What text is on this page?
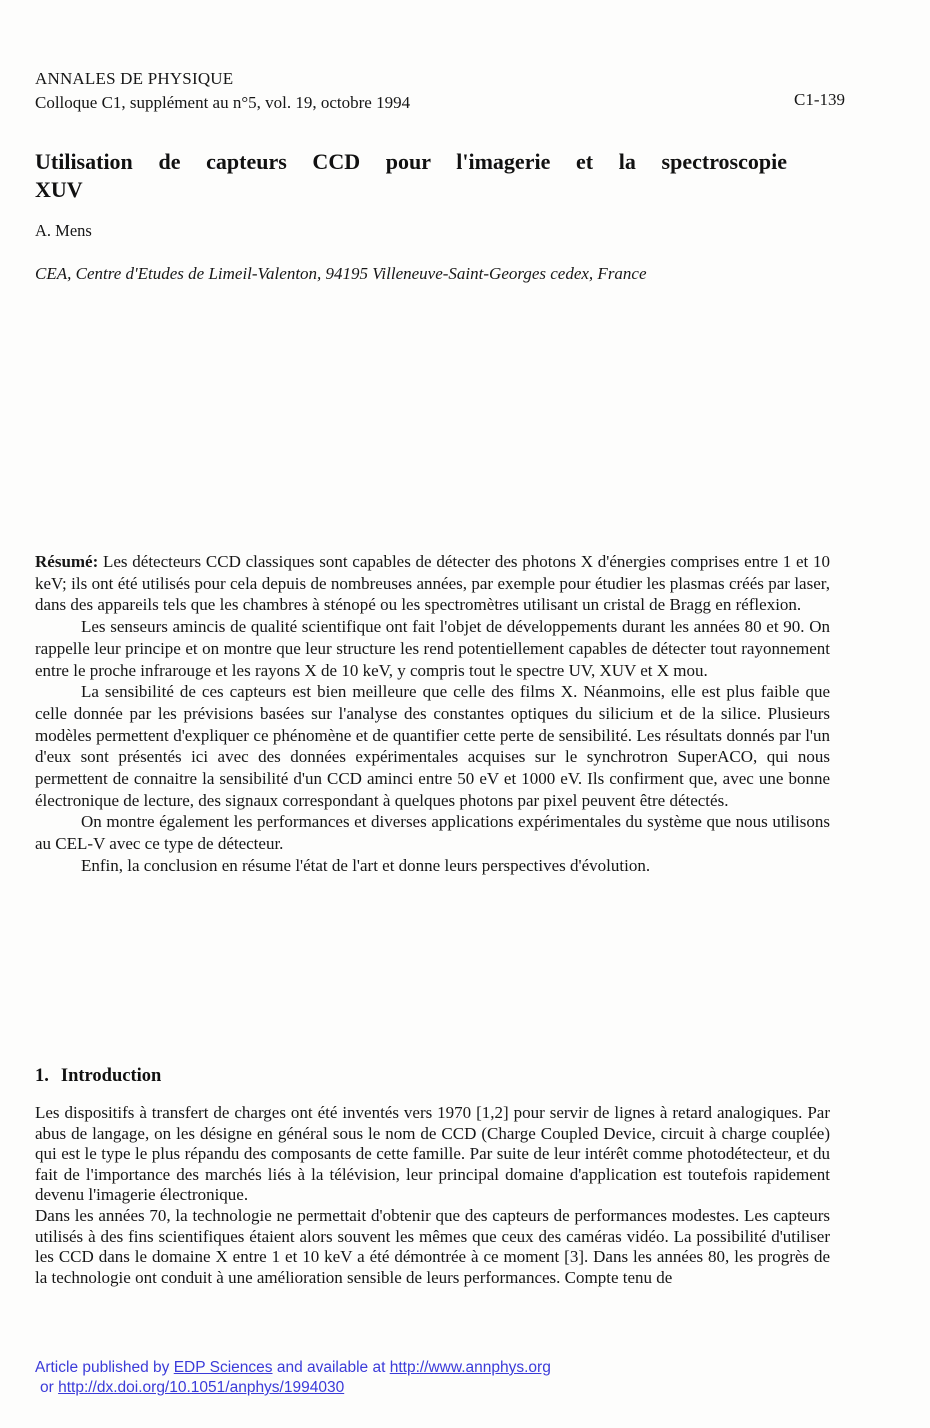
ANNALES DE PHYSIQUE
Colloque C1, supplément au n°5, vol. 19, octobre 1994	C1-139
Utilisation de capteurs CCD pour l'imagerie et la spectroscopie
XUV
A. Mens
CEA, Centre d'Etudes de Limeil-Valenton, 94195 Villeneuve-Saint-Georges cedex, France

Résumé: Les détecteurs CCD classiques sont capables de détecter des photons X d'énergies comprises entre 1 et 10 keV; ils ont été utilisés pour cela depuis de nombreuses années, par exemple pour étudier les plasmas créés par laser, dans des appareils tels que les chambres à sténopé ou les spectromètres utilisant un cristal de Bragg en réflexion.

Les senseurs amincis de qualité scientifique ont fait l'objet de développements durant les années 80 et 90. On rappelle leur principe et on montre que leur structure les rend potentiellement capables de détecter tout rayonnement entre le proche infrarouge et les rayons X de 10 keV, y compris tout le spectre UV, XUV et X mou.

La sensibilité de ces capteurs est bien meilleure que celle des films X. Néanmoins, elle est plus faible que celle donnée par les prévisions basées sur l'analyse des constantes optiques du silicium et de la silice. Plusieurs modèles permettent d'expliquer ce phénomène et de quantifier cette perte de sensibilité. Les résultats donnés par l'un d'eux sont présentés ici avec des données expérimentales acquises sur le synchrotron SuperACO, qui nous permettent de connaitre la sensibilité d'un CCD aminci entre 50 eV et 1000 eV. Ils confirment que, avec une bonne électronique de lecture, des signaux correspondant à quelques photons par pixel peuvent être détectés.

On montre également les performances et diverses applications expérimentales du système que nous utilisons au CEL-V avec ce type de détecteur.

Enfin, la conclusion en résume l'état de l'art et donne leurs perspectives d'évolution.

1. Introduction

Les dispositifs à transfert de charges ont été inventés vers 1970 [1,2] pour servir de lignes à retard analogiques. Par abus de langage, on les désigne en général sous le nom de CCD (Charge Coupled Device, circuit à charge couplée) qui est le type le plus répandu des composants de cette famille. Par suite de leur intérêt comme photodétecteur, et du fait de l'importance des marchés liés à la télévision, leur principal domaine d'application est toutefois rapidement devenu l'imagerie électronique.

Dans les années 70, la technologie ne permettait d'obtenir que des capteurs de performances modestes. Les capteurs utilisés à des fins scientifiques étaient alors souvent les mêmes que ceux des caméras vidéo. La possibilité d'utiliser les CCD dans le domaine X entre 1 et 10 keV a été démontrée à ce moment [3]. Dans les années 80, les progrès de la technologie ont conduit à une amélioration sensible de leurs performances. Compte tenu de

Article published by EDP Sciences and available at http://www.annphys.org
or http://dx.doi.org/10.1051/anphys/1994030
